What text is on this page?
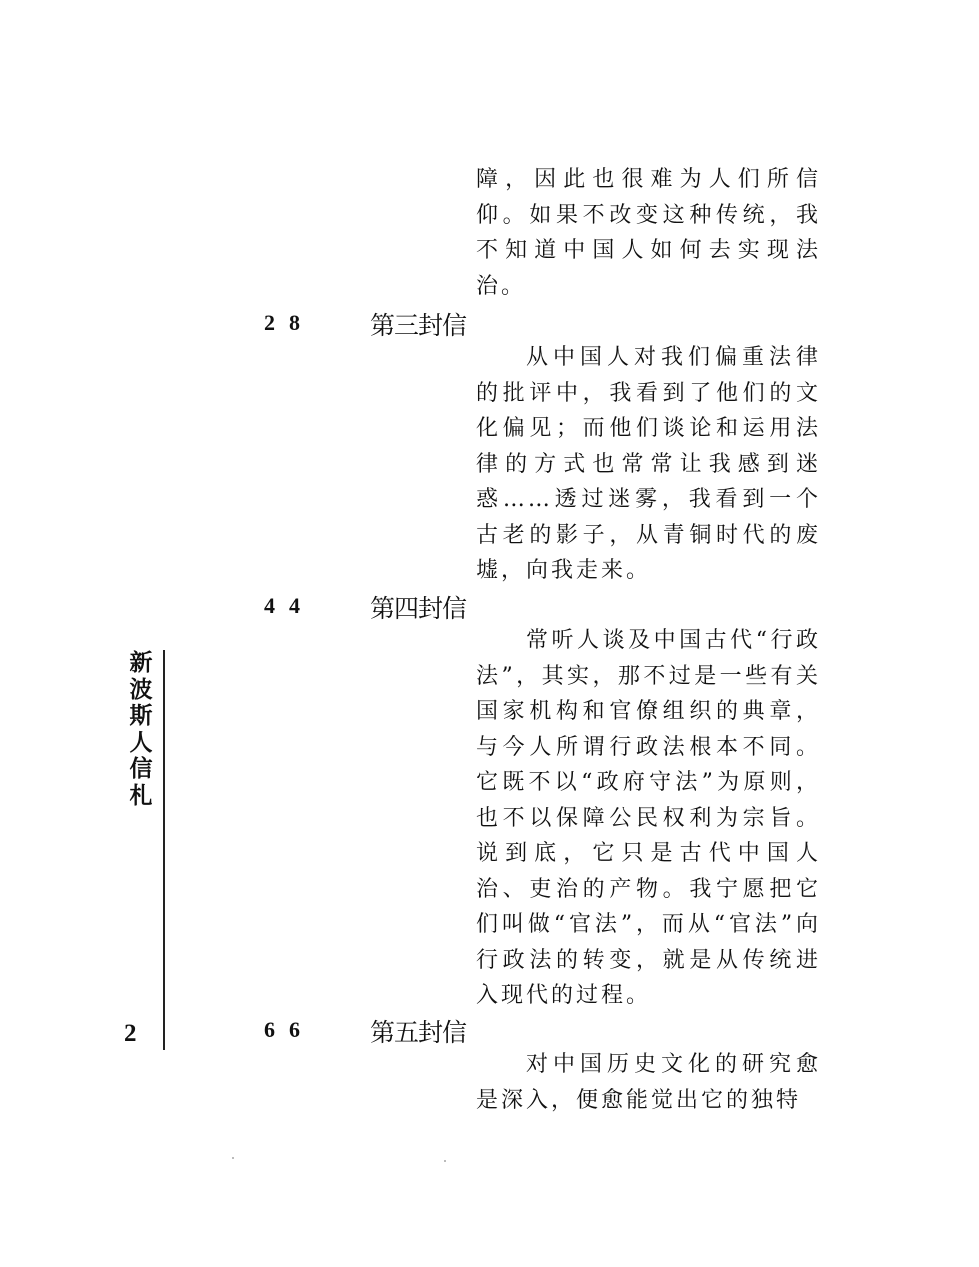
新
波
斯
人
信
札
2

障，因此也很难为人们所信仰。如果不改变这种传统，我不知道中国人如何去实现法治。

28	第三封信

从中国人对我们偏重法律的批评中，我看到了他们的文化偏见；而他们谈论和运用法律的方式也常常让我感到迷惑……透过迷雾，我看到一个古老的影子，从青铜时代的废墟，向我走来。

44	第四封信

常听人谈及中国古代“行政法”，其实，那不过是一些有关国家机构和官僚组织的典章，与今人所谓行政法根本不同。它既不以“政府守法”为原则，也不以保障公民权利为宗旨。说到底，它只是古代中国人治、吏治的产物。我宁愿把它们叫做“官法”，而从“官法”向行政法的转变，就是从传统进入现代的过程。

66	第五封信

对中国历史文化的研究愈是深入，便愈能觉出它的独特
